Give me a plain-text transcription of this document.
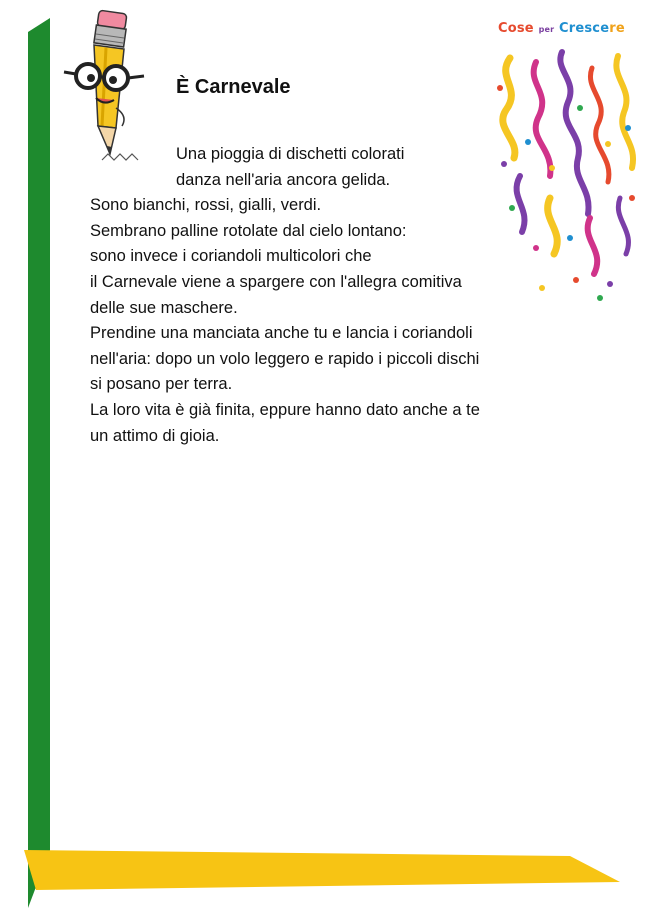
Cose per Crescere
È Carnevale
Una pioggia di dischetti colorati
danza nell'aria ancora gelida.
Sono bianchi, rossi, gialli, verdi.
Sembrano palline rotolate dal cielo lontano:
sono invece i coriandoli multicolori che
il Carnevale viene a spargere con l'allegra comitiva
delle sue maschere.
Prendine una manciata anche tu e lancia i coriandoli
nell'aria: dopo un volo leggero e rapido i piccoli dischi
si posano per terra.
La loro vita è già finita, eppure hanno dato anche a te
un attimo di gioia.
